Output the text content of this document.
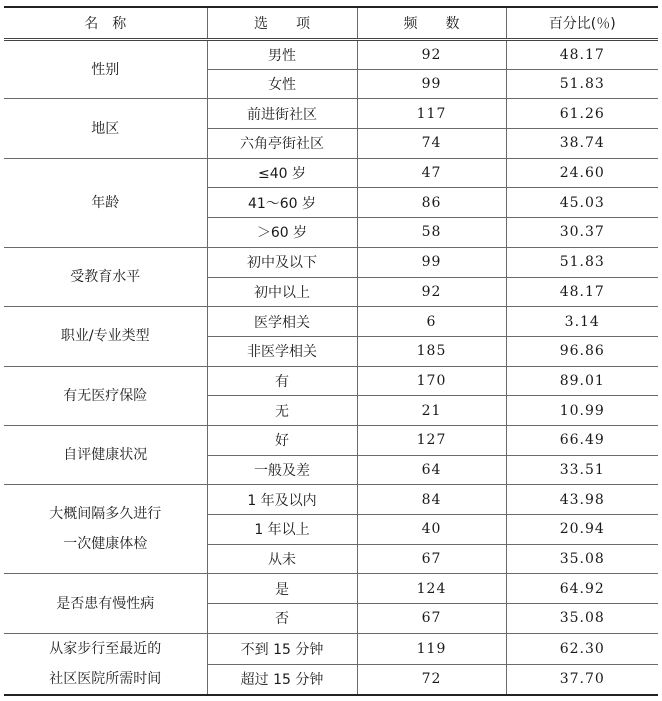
名　称	选　　项	频　　数	百分比(％)

性别	男性	92	48.17
	女性	99	51.83

地区	前进街社区	117	61.26
	六角亭街社区	74	38.74

年龄	≤40 岁	47	24.60
	41～60 岁	86	45.03
	＞60 岁	58	30.37

受教育水平	初中及以下	99	51.83
	初中以上	92	48.17

职业/专业类型	医学相关	6	3.14
	非医学相关	185	96.86

有无医疗保险	有	170	89.01
	无	21	10.99

自评健康状况	好	127	66.49
	一般及差	64	33.51

大概间隔多久进行
一次健康体检	1 年及以内	84	43.98
	1 年以上	40	20.94
	从未	67	35.08

是否患有慢性病	是	124	64.92
	否	67	35.08

从家步行至最近的
社区医院所需时间	不到 15 分钟	119	62.30
	超过 15 分钟	72	37.70
